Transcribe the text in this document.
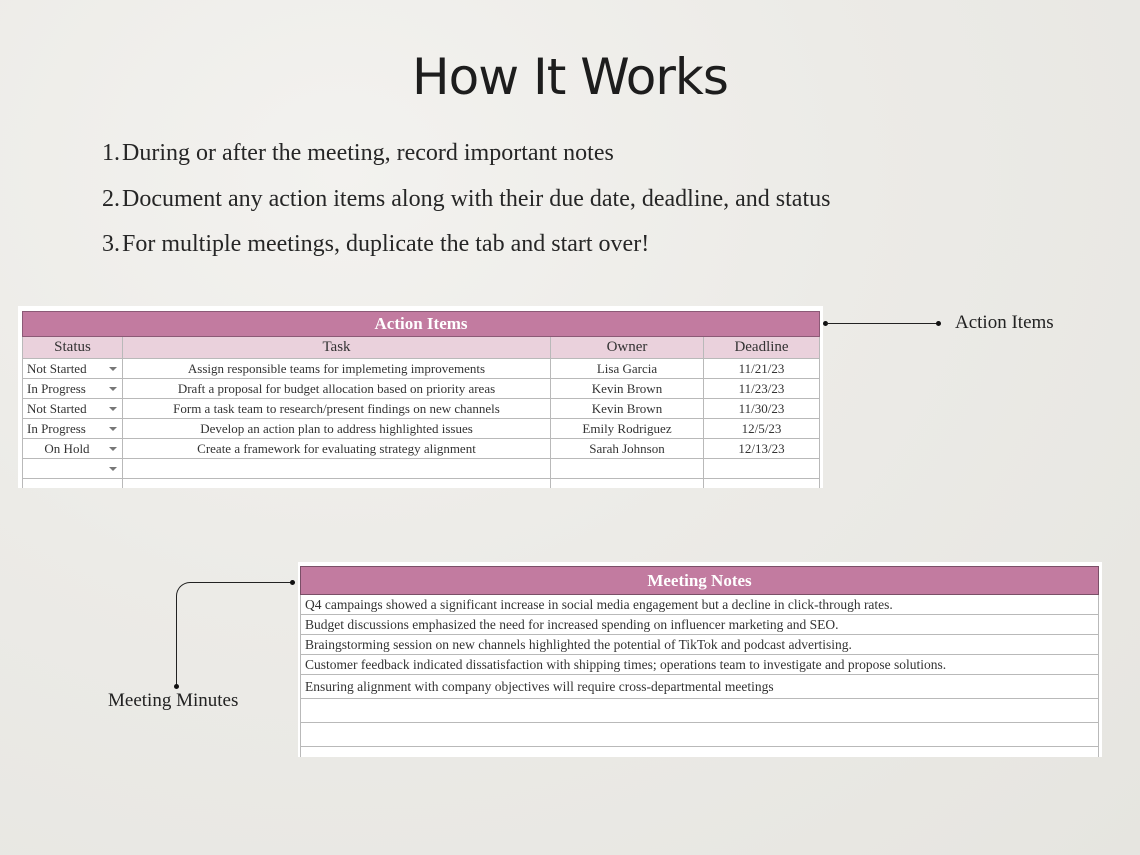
How It Works
1.During or after the meeting, record important notes
2.Document any action items along with their due date, deadline, and status
3.For multiple meetings, duplicate the tab and start over!
Action Items			
Status	Task	Owner	Deadline
Not Started	Assign responsible teams for implemeting improvements	Lisa Garcia	11/21/23
In Progress	Draft a proposal for budget allocation based on priority areas	Kevin Brown	11/23/23
Not Started	Form a task team to research/present findings on new channels	Kevin Brown	11/30/23
In Progress	Develop an action plan to address highlighted issues	Emily Rodriguez	12/5/23
On Hold	Create a framework for evaluating strategy alignment	Sarah Johnson	12/13/23

Action Items
Meeting Notes
Q4 campaings showed a significant increase in social media engagement but a decline in click-through rates.
Budget discussions emphasized the need for increased spending on influencer marketing and SEO.
Braingstorming session on new channels highlighted the potential of TikTok and podcast advertising.
Customer feedback indicated dissatisfaction with shipping times; operations team to investigate and propose solutions.
Ensuring alignment with company objectives will require cross-departmental meetings

Meeting Minutes
